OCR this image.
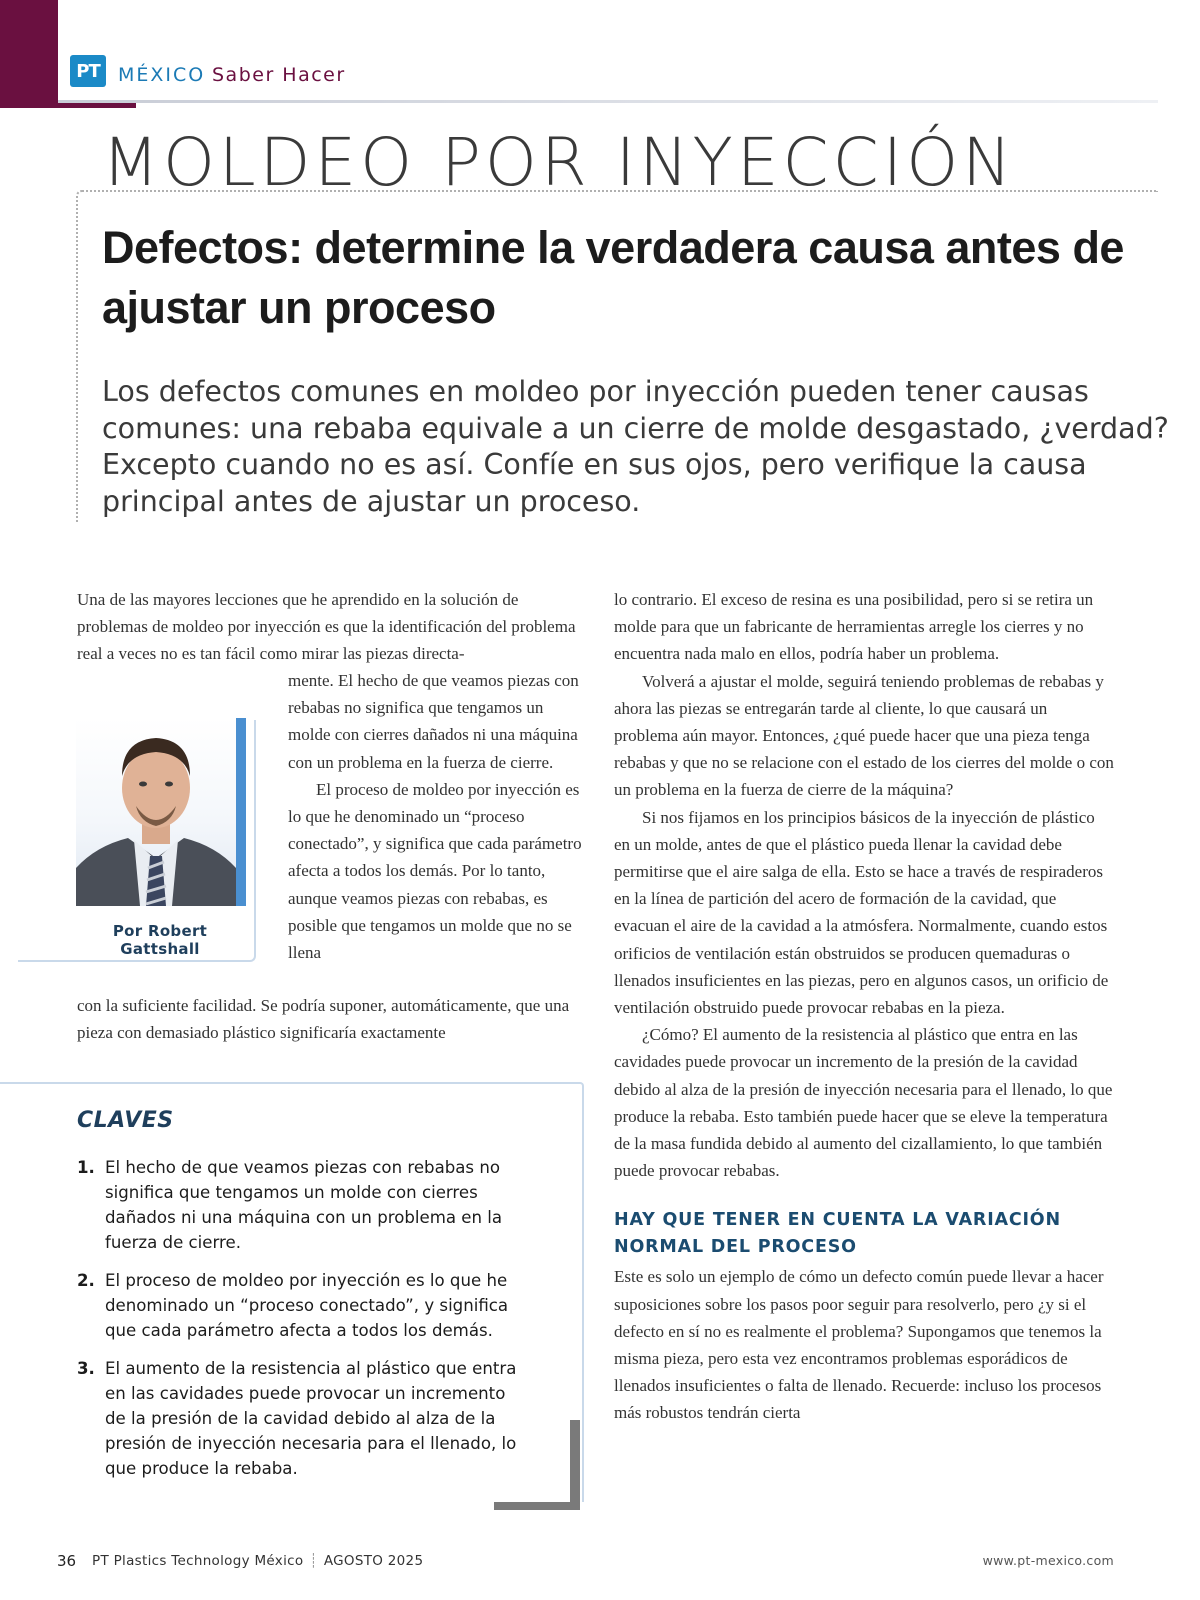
PT MÉXICO Saber Hacer
MOLDEO POR INYECCIÓN
Defectos: determine la verdadera causa antes de ajustar un proceso

Los defectos comunes en moldeo por inyección pueden tener causas comunes: una rebaba equivale a un cierre de molde desgastado, ¿verdad? Excepto cuando no es así. Confíe en sus ojos, pero verifique la causa principal antes de ajustar un proceso.

Una de las mayores lecciones que he aprendido en la solución de problemas de moldeo por inyección es que la identificación del problema real a veces no es tan fácil como mirar las piezas directa-

Por Robert Gattshall

mente. El hecho de que veamos piezas con rebabas no significa que tengamos un molde con cierres dañados ni una máquina con un problema en la fuerza de cierre.

El proceso de moldeo por inyección es lo que he denominado un “proceso conectado”, y significa que cada parámetro afecta a todos los demás. Por lo tanto, aunque veamos piezas con rebabas, es posible que tengamos un molde que no se llena

con la suficiente facilidad. Se podría suponer, automáticamente, que una pieza con demasiado plástico significaría exactamente

CLAVES
1. El hecho de que veamos piezas con rebabas no significa que tengamos un molde con cierres dañados ni una máquina con un problema en la fuerza de cierre.
2. El proceso de moldeo por inyección es lo que he denominado un “proceso conectado”, y significa que cada parámetro afecta a todos los demás.
3. El aumento de la resistencia al plástico que entra en las cavidades puede provocar un incremento de la presión de la cavidad debido al alza de la presión de inyección necesaria para el llenado, lo que produce la rebaba.

lo contrario. El exceso de resina es una posibilidad, pero si se retira un molde para que un fabricante de herramientas arregle los cierres y no encuentra nada malo en ellos, podría haber un problema.

Volverá a ajustar el molde, seguirá teniendo problemas de rebabas y ahora las piezas se entregarán tarde al cliente, lo que causará un problema aún mayor. Entonces, ¿qué puede hacer que una pieza tenga rebabas y que no se relacione con el estado de los cierres del molde o con un problema en la fuerza de cierre de la máquina?

Si nos fijamos en los principios básicos de la inyección de plástico en un molde, antes de que el plástico pueda llenar la cavidad debe permitirse que el aire salga de ella. Esto se hace a través de respiraderos en la línea de partición del acero de formación de la cavidad, que evacuan el aire de la cavidad a la atmósfera. Normalmente, cuando estos orificios de ventilación están obstruidos se producen quemaduras o llenados insuficientes en las piezas, pero en algunos casos, un orificio de ventilación obstruido puede provocar rebabas en la pieza.

¿Cómo? El aumento de la resistencia al plástico que entra en las cavidades puede provocar un incremento de la presión de la cavidad debido al alza de la presión de inyección necesaria para el llenado, lo que produce la rebaba. Esto también puede hacer que se eleve la temperatura de la masa fundida debido al aumento del cizallamiento, lo que también puede provocar rebabas.

HAY QUE TENER EN CUENTA LA VARIACIÓN NORMAL DEL PROCESO

Este es solo un ejemplo de cómo un defecto común puede llevar a hacer suposiciones sobre los pasos poor seguir para resolverlo, pero ¿y si el defecto en sí no es realmente el problema? Supongamos que tenemos la misma pieza, pero esta vez encontramos problemas esporádicos de llenados insuficientes o falta de llenado. Recuerde: incluso los procesos más robustos tendrán cierta

36 PT Plastics Technology México ┊ AGOSTO 2025	www.pt-mexico.com
